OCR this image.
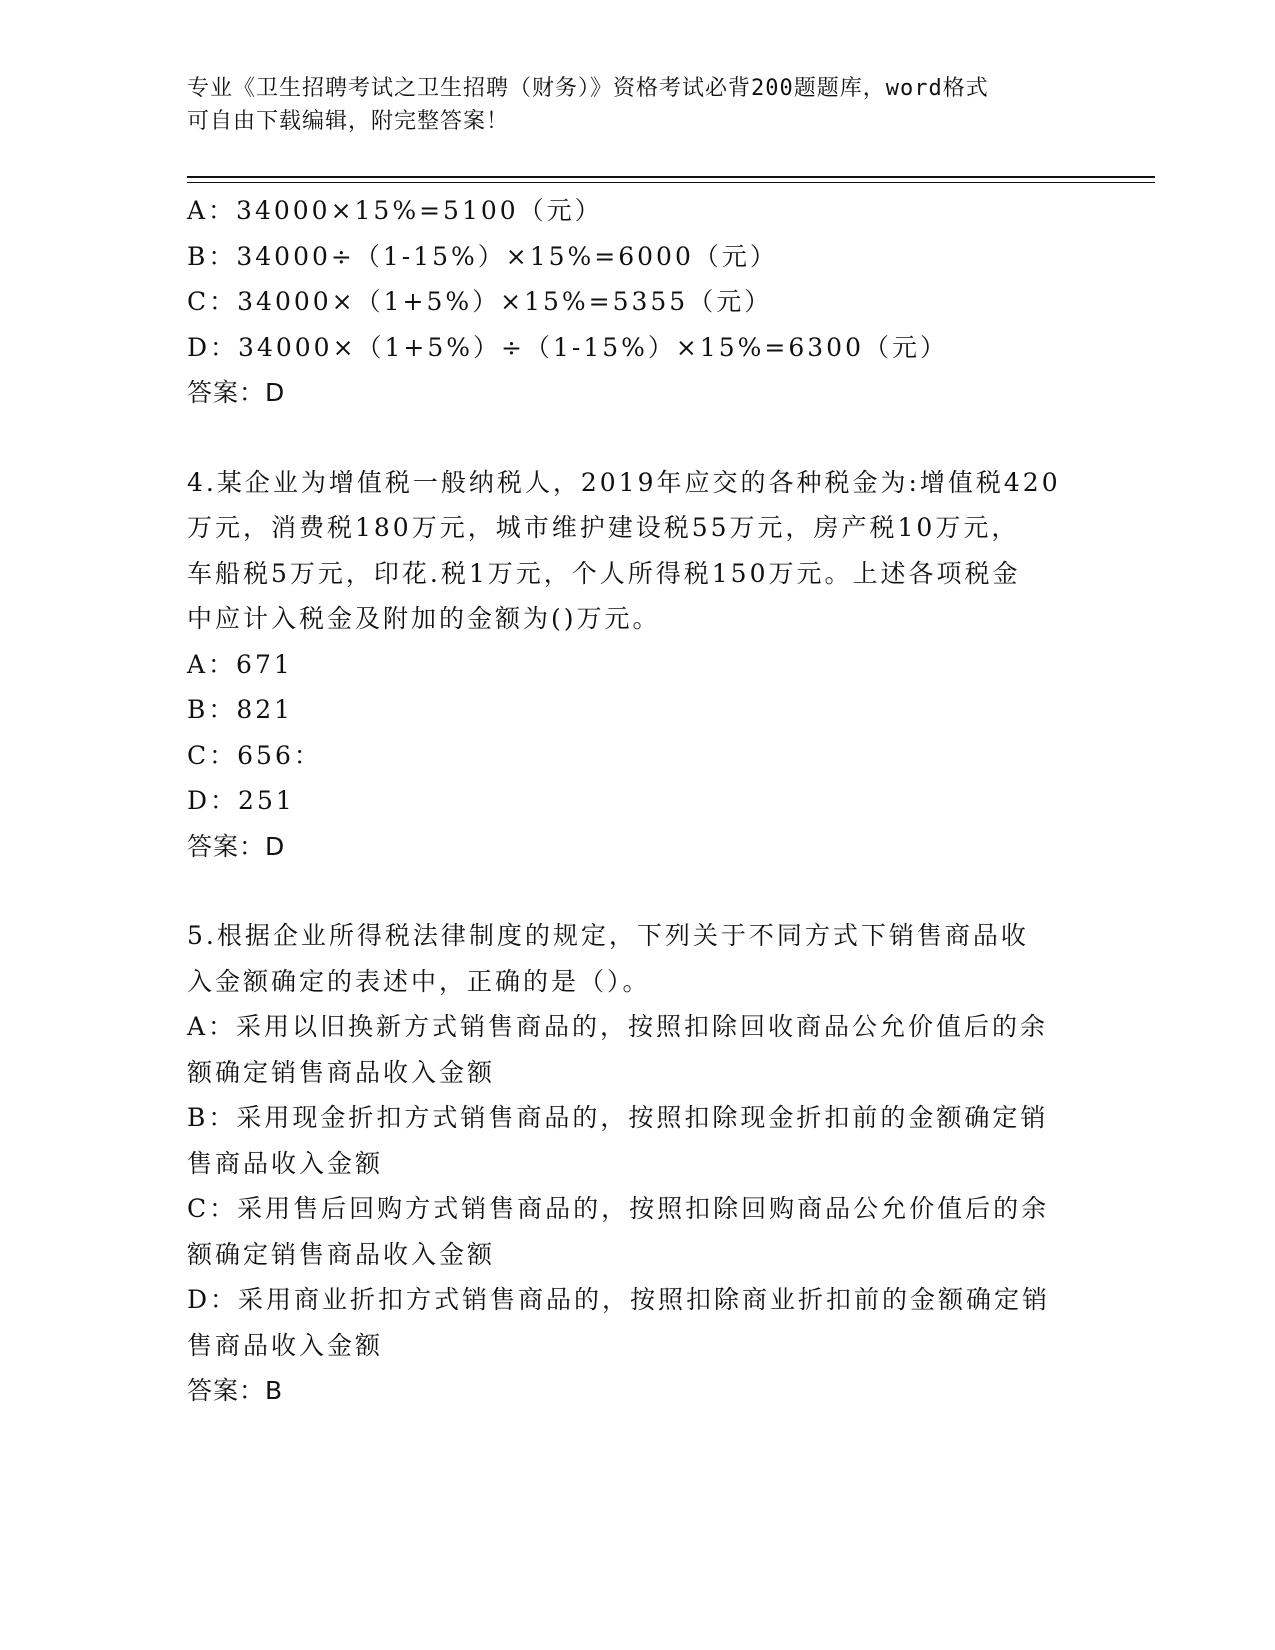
专业《卫生招聘考试之卫生招聘（财务）》资格考试必背200题题库，word格式
可自由下载编辑，附完整答案！
A：34000×15%=5100（元）
B：34000÷（1-15%）×15%=6000（元）
C：34000×（1+5%）×15%=5355（元）
D：34000×（1+5%）÷（1-15%）×15%=6300（元）
答案：D
4.某企业为增值税一般纳税人，2019年应交的各种税金为:增值税420
万元，消费税180万元，城市维护建设税55万元，房产税10万元，
车船税5万元，印花.税1万元，个人所得税150万元。上述各项税金
中应计入税金及附加的金额为()万元。
A：671
B：821
C：656：
D：251
答案：D
5.根据企业所得税法律制度的规定，下列关于不同方式下销售商品收
入金额确定的表述中，正确的是（）。
A：采用以旧换新方式销售商品的，按照扣除回收商品公允价值后的余
额确定销售商品收入金额
B：采用现金折扣方式销售商品的，按照扣除现金折扣前的金额确定销
售商品收入金额
C：采用售后回购方式销售商品的，按照扣除回购商品公允价值后的余
额确定销售商品收入金额
D：采用商业折扣方式销售商品的，按照扣除商业折扣前的金额确定销
售商品收入金额
答案：B
